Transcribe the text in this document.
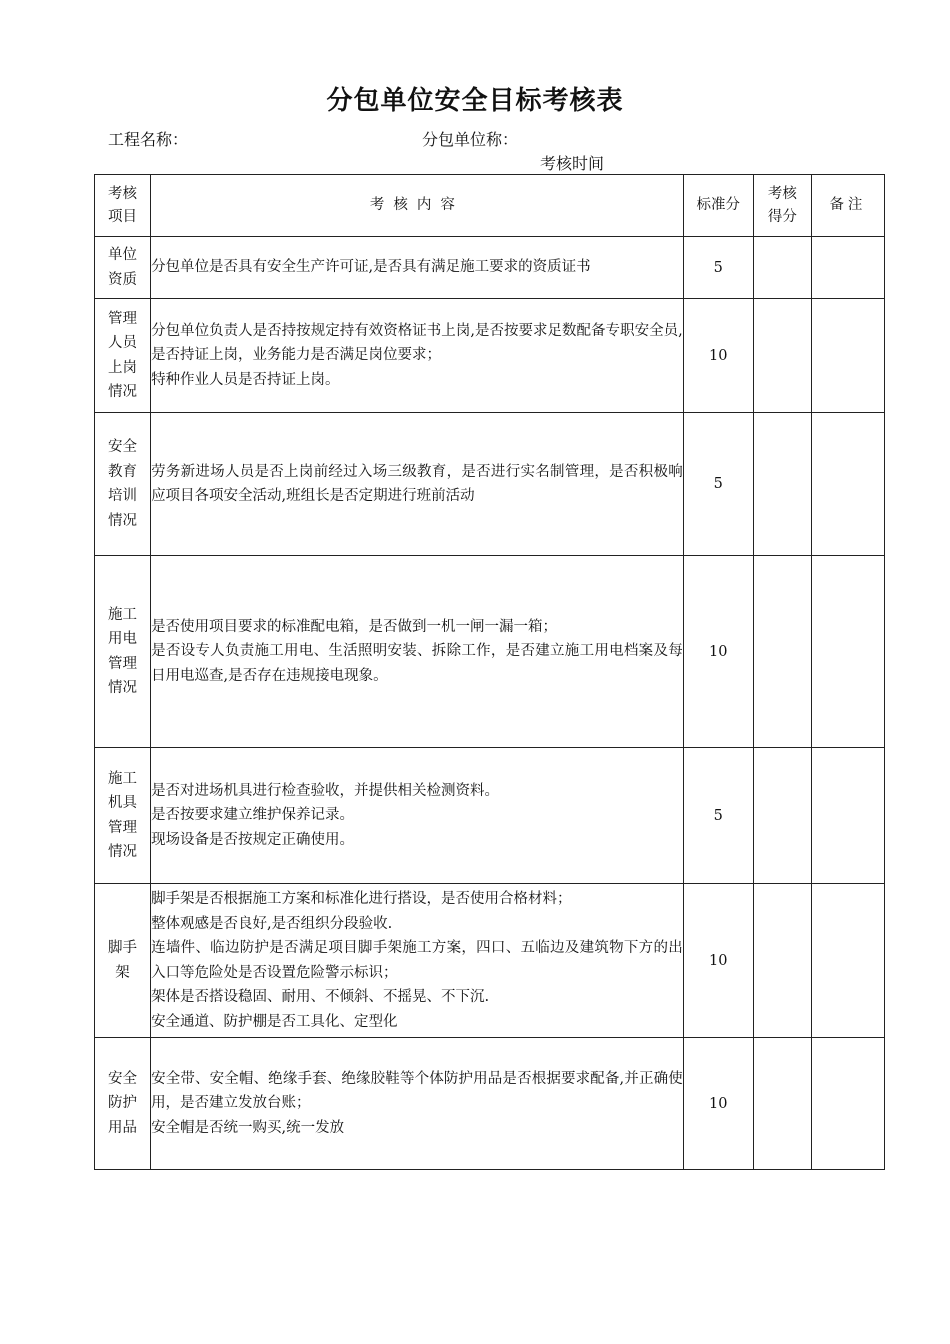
分包单位安全目标考核表
工程名称：	分包单位称：
考核时间
考核项目	考核内容	标准分	考核得分	备注
单位资质	分包单位是否具有安全生产许可证,是否具有满足施工要求的资质证书	5		
管理人员上岗情况	分包单位负责人是否持按规定持有效资格证书上岗,是否按要求足数配备专职安全员,是否持证上岗，业务能力是否满足岗位要求；
特种作业人员是否持证上岗。	10		
安全教育培训情况	劳务新进场人员是否上岗前经过入场三级教育，是否进行实名制管理，是否积极响应项目各项安全活动,班组长是否定期进行班前活动	5		
施工用电管理情况	是否使用项目要求的标准配电箱，是否做到一机一闸一漏一箱；
是否设专人负责施工用电、生活照明安装、拆除工作，是否建立施工用电档案及每日用电巡查,是否存在违规接电现象。	10		
施工机具管理情况	是否对进场机具进行检查验收，并提供相关检测资料。
是否按要求建立维护保养记录。
现场设备是否按规定正确使用。	5		
脚手架	脚手架是否根据施工方案和标准化进行搭设，是否使用合格材料；
整体观感是否良好,是否组织分段验收.
连墙件、临边防护是否满足项目脚手架施工方案，四口、五临边及建筑物下方的出入口等危险处是否设置危险警示标识；
架体是否搭设稳固、耐用、不倾斜、不摇晃、不下沉.
安全通道、防护棚是否工具化、定型化	10		
安全防护用品	安全带、安全帽、绝缘手套、绝缘胶鞋等个体防护用品是否根据要求配备,并正确使用，是否建立发放台账；
安全帽是否统一购买,统一发放	10		
